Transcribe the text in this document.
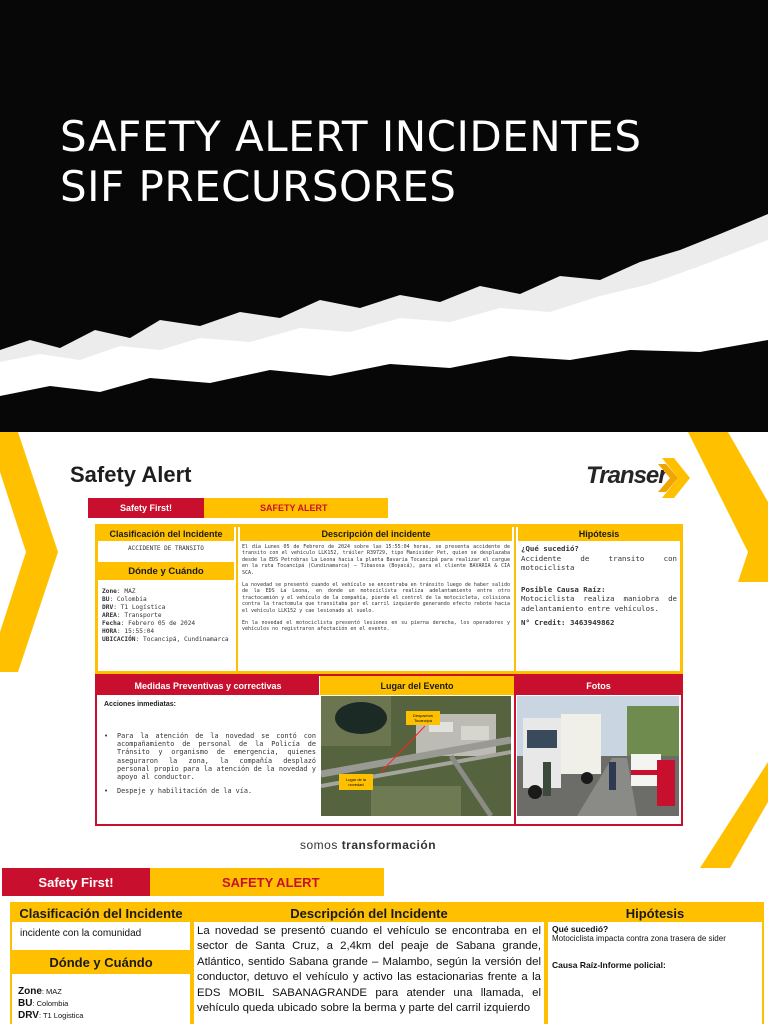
SAFETY ALERT INCIDENTES
SIF PRECURSORES
Safety Alert	Transer
Safety First!	SAFETY ALERT
Clasificación del Incidente
ACCIDENTE DE TRANSITO
Dónde y Cuándo
Zone: MAZ
BU: Colombia
DRV: T1 Logística
AREA: Transporte
Fecha: Febrero 05 de 2024
HORA: 15:55:04
UBICACIÓN: Tocancipá, Cundinamarca
Descripción del incidente

El día Lunes 05 de Febrero de 2024 sobre las 15:55:04 horas, se presenta accidente de transito con el vehículo LLK152, tráiler R39729, tipo Manisider Pet, quien se desplazaba desde la EDS Petrobras La Leona hacia la planta Bavaria Tocancipá para realizar el cargue en la ruta Tocancipá (Cundinamarca) – Tibasosa (Boyacá), para el cliente BAVARIA & CIA SCA.

La novedad se presentó cuando el vehículo se encontraba en tránsito luego de haber salido de la EDS La Leona, en donde un motociclista realiza adelantamiento entre otro tractocamión y el vehículo de la compañía, pierde el control de la motocicleta, colisiona contra la tractomula que transitaba por el carril izquierdo generando efecto rebote hacia el vehículo LLK152 y cae lesionado al suelo.

En la novedad el motociclista presentó lesiones en su pierna derecha, los operadores y vehículos no registraron afectación en el evento.

Hipótesis
¿Qué sucedió?
Accidente de transito con motociclista
Posible Causa Raíz:
Motociclista realiza maniobra de adelantamiento entre vehículos.
N° Credit: 3463949862
Medidas Preventivas y correctivas
Acciones inmediatas:
• Para la atención de la novedad se contó con acompañamiento de personal de la Policía de Tránsito y organismo de emergencia, quienes aseguraron la zona, la compañía desplazó personal propio para la atención de la novedad y apoyo al conductor.
• Despeje y habilitación de la vía.
Lugar del Evento
Despachos Tocancipá
Lugar de la novedad
Fotos
somos transformación
Safety First!	SAFETY ALERT
Clasificación del Incidente
incidente con la comunidad
Dónde y Cuándo
Zone: MAZ
BU: Colombia
DRV: T1 Logistica
Descripción del Incidente
La novedad se presentó cuando el vehículo se encontraba en el sector de Santa Cruz, a 2,4km del peaje de Sabana grande, Atlántico, sentido Sabana grande – Malambo, según la versión del conductor, detuvo el vehículo y activo las estacionarias frente a la EDS MOBIL SABANAGRANDE para atender una llamada, el vehículo queda ubicado sobre la berma y parte del carril izquierdo
Hipótesis
Qué sucedió?
Motociclista impacta contra zona trasera de sider
Causa Raíz-Informe policial:
